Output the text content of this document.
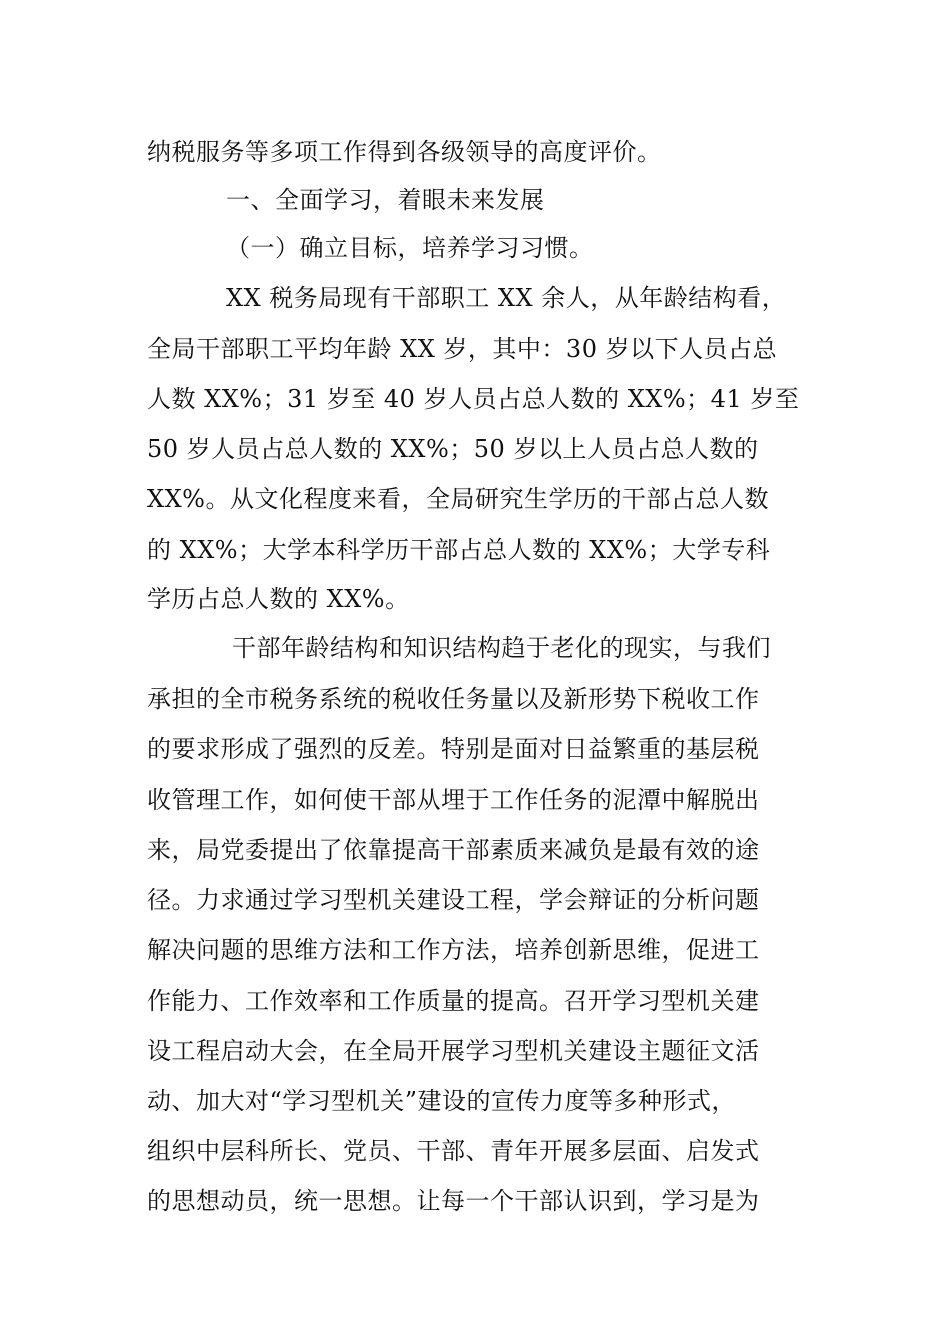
纳税服务等多项工作得到各级领导的高度评价。
一、全面学习，着眼未来发展
（一）确立目标，培养学习习惯。
XX 税务局现有干部职工 XX 余人，从年龄结构看，
全局干部职工平均年龄 XX 岁，其中：30 岁以下人员占总
人数 XX%；31 岁至 40 岁人员占总人数的 XX%；41 岁至
50 岁人员占总人数的 XX%；50 岁以上人员占总人数的
XX%。从文化程度来看，全局研究生学历的干部占总人数
的 XX%；大学本科学历干部占总人数的 XX%；大学专科
学历占总人数的 XX%。
干部年龄结构和知识结构趋于老化的现实，与我们
承担的全市税务系统的税收任务量以及新形势下税收工作
的要求形成了强烈的反差。特别是面对日益繁重的基层税
收管理工作，如何使干部从埋于工作任务的泥潭中解脱出
来，局党委提出了依靠提高干部素质来减负是最有效的途
径。力求通过学习型机关建设工程，学会辩证的分析问题
解决问题的思维方法和工作方法，培养创新思维，促进工
作能力、工作效率和工作质量的提高。召开学习型机关建
设工程启动大会，在全局开展学习型机关建设主题征文活
动、加大对“学习型机关”建设的宣传力度等多种形式，
组织中层科所长、党员、干部、青年开展多层面、启发式
的思想动员，统一思想。让每一个干部认识到，学习是为
